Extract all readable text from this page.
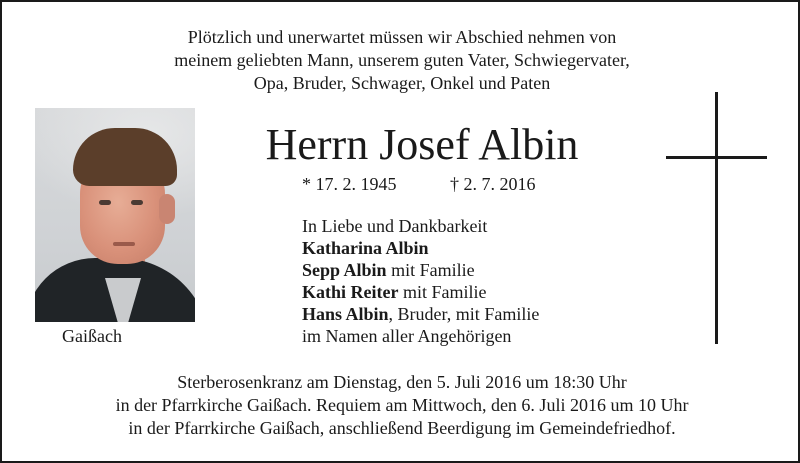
Plötzlich und unerwartet müssen wir Abschied nehmen von
meinem geliebten Mann, unserem guten Vater, Schwiegervater,
Opa, Bruder, Schwager, Onkel und Paten
Gaißach
Herrn Josef Albin
* 17. 2. 1945	† 2. 7. 2016
In Liebe und Dankbarkeit
Katharina Albin
Sepp Albin mit Familie
Kathi Reiter mit Familie
Hans Albin, Bruder, mit Familie
im Namen aller Angehörigen
Sterberosenkranz am Dienstag, den 5. Juli 2016 um 18:30 Uhr
in der Pfarrkirche Gaißach. Requiem am Mittwoch, den 6. Juli 2016 um 10 Uhr
in der Pfarrkirche Gaißach, anschließend Beerdigung im Gemeindefriedhof.
